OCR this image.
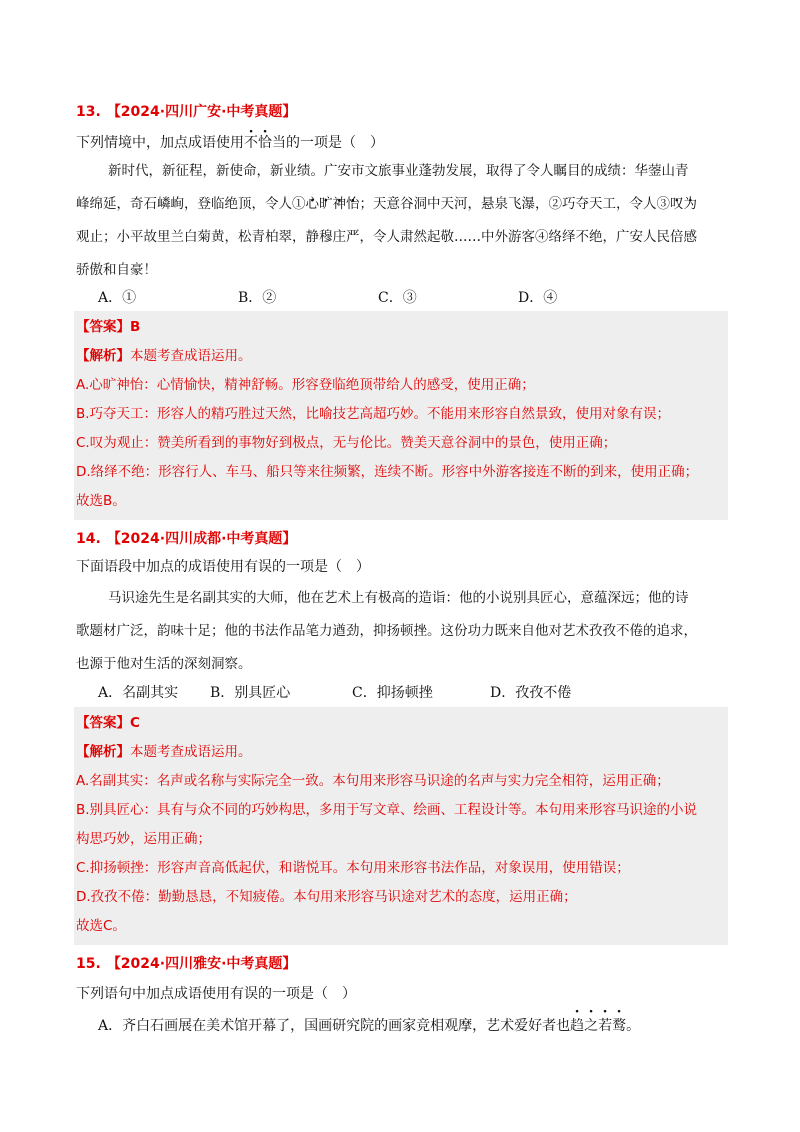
13. 【2024·四川广安·中考真题】
下列情境中，加点成语使用不恰当的一项是（　）
新时代，新征程，新使命，新业绩。广安市文旅事业蓬勃发展，取得了令人瞩目的成绩：华蓥山青
峰绵延，奇石嶙峋，登临绝顶，令人①· 心· 旷· 神· 怡；天意谷洞中天河，悬泉飞瀑，②巧夺天工，令人③· 叹· 为
观止；小平故里兰白菊黄，松青柏翠，静穆庄严，令人肃然起敬……中外游客④络绎不绝，广安人民倍感
骄傲和自豪！
A．①	B．②	C．③	D．④
【答案】B
【解析】本题考查成语运用。
A.心旷神怡：心情愉快，精神舒畅。形容登临绝顶带给人的感受，使用正确；
B.巧夺天工：形容人的精巧胜过天然，比喻技艺高超巧妙。不能用来形容自然景致，使用对象有误；
C.叹为观止：赞美所看到的事物好到极点，无与伦比。赞美天意谷洞中的景色，使用正确；
D.络绎不绝：形容行人、车马、船只等来往频繁，连续不断。形容中外游客接连不断的到来，使用正确；
故选B。
14. 【2024·四川成都·中考真题】
下面语段中加点的成语使用有误的一项是（　）
马识途先生是名副其实的大师，他在艺术上有极高的造诣：他的小说别具匠心，意蕴深远；他的诗
歌题材广泛，韵味十足；他的书法作品笔力遒劲，抑扬顿挫。这份功力既来自他对艺术孜孜不倦的追求，
也源于他对生活的深刻洞察。
A．名副其实 B．别具匠心	C．抑扬顿挫	D．孜孜不倦
【答案】C
【解析】本题考查成语运用。
A.名副其实：名声或名称与实际完全一致。本句用来形容马识途的名声与实力完全相符，运用正确；
B.别具匠心：具有与众不同的巧妙构思，多用于写文章、绘画、工程设计等。本句用来形容马识途的小说
构思巧妙，运用正确；
C.抑扬顿挫：形容声音高低起伏，和谐悦耳。本句用来形容书法作品，对象误用，使用错误；
D.孜孜不倦：勤勤恳恳，不知疲倦。本句用来形容马识途对艺术的态度，运用正确；
故选C。
15. 【2024·四川雅安·中考真题】
下列语句中加点成语使用有误的一项是（　）
A．齐白石画展在美术馆开幕了，国画研究院的画家竞相观摩，艺术爱好者也趋之若鹜。
